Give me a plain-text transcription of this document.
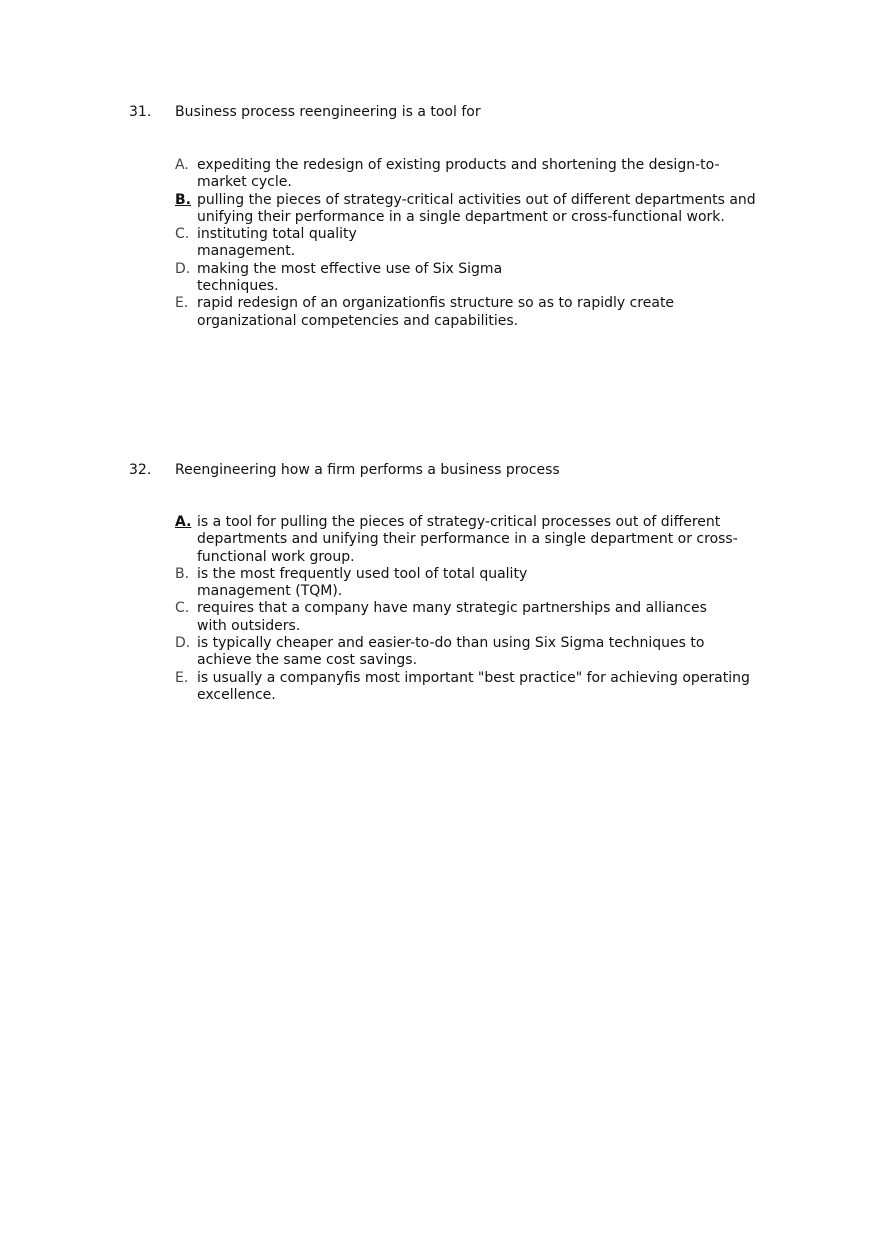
31. Business process reengineering is a tool for
A. expediting the redesign of existing products and shortening the design-to-
market cycle.
B. pulling the pieces of strategy-critical activities out of different departments and
unifying their performance in a single department or cross-functional work.
C. instituting total quality
management.
D. making the most effective use of Six Sigma
techniques.
E. rapid redesign of an organizationfis structure so as to rapidly create
organizational competencies and capabilities.
32. Reengineering how a firm performs a business process
A. is a tool for pulling the pieces of strategy-critical processes out of different
departments and unifying their performance in a single department or cross-
functional work group.
B. is the most frequently used tool of total quality
management (TQM).
C. requires that a company have many strategic partnerships and alliances
with outsiders.
D. is typically cheaper and easier-to-do than using Six Sigma techniques to
achieve the same cost savings.
E. is usually a companyfis most important "best practice" for achieving operating
excellence.
